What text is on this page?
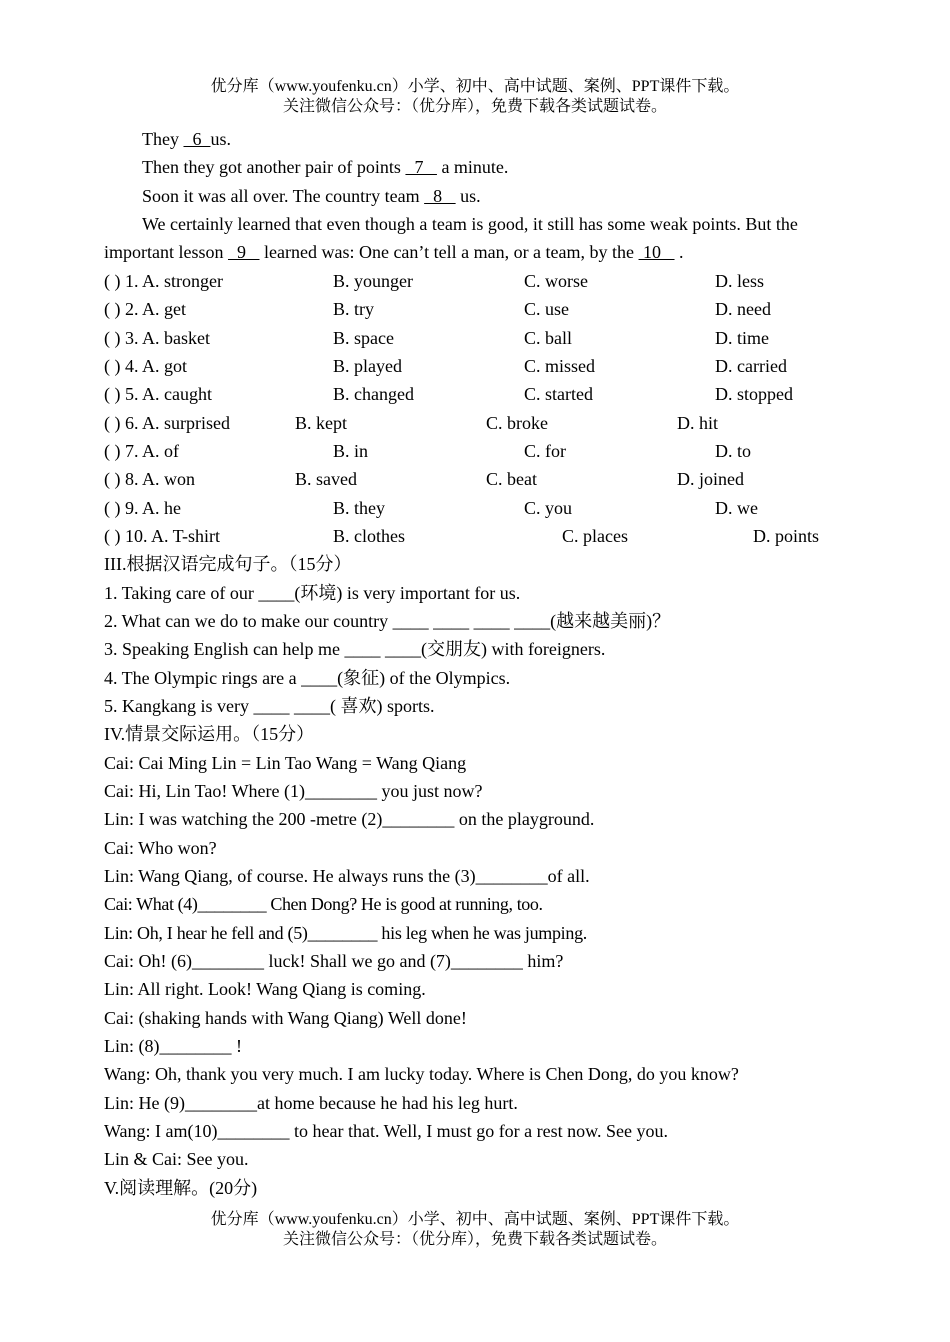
优分库（www.youfenku.cn）小学、初中、高中试题、案例、PPT课件下载。
关注微信公众号：（优分库），免费下载各类试题试卷。
They   6  us.
Then they got another pair of points   7    a minute.
Soon it was all over. The country team   8    us.
We certainly learned that even though a team is good, it still has some weak points. But the
important lesson   9    learned was: One can’t tell a man, or a team, by the  10    .
( ) 1. A. stronger	B. younger	C. worse	D. less
( ) 2. A. get	B. try	C. use	D. need
( ) 3. A. basket	B. space	C. ball	D. time
( ) 4. A. got	B. played	C. missed	D. carried
( ) 5. A. caught	B. changed	C. started	D. stopped
( ) 6. A. surprised	B. kept	C. broke	D. hit
( ) 7. A. of	B. in	C. for	D. to
( ) 8. A. won	B. saved	C. beat	D. joined
( ) 9. A. he	B. they	C. you	D. we
( ) 10. A. T-shirt	B. clothes	C. places	D. points
III.根据汉语完成句子。（15分）
1. Taking care of our ____(环境) is very important for us.
2. What can we do to make our country ____ ____ ____ ____(越来越美丽)？
3. Speaking English can help me ____ ____(交朋友) with foreigners.
4. The Olympic rings are a ____(象征) of the Olympics.
5. Kangkang is very ____ ____( 喜欢) sports.
IV.情景交际运用。（15分）
Cai: Cai Ming Lin = Lin Tao Wang = Wang Qiang
Cai: Hi, Lin Tao! Where (1)________ you just now?
Lin: I was watching the 200 -metre (2)________ on the playground.
Cai: Who won?
Lin: Wang Qiang, of course. He always runs the (3)________of all.
Cai: What (4)________ Chen Dong? He is good at running, too.
Lin: Oh, I hear he fell and (5)________ his leg when he was jumping.
Cai: Oh! (6)________ luck! Shall we go and (7)________ him?
Lin: All right. Look! Wang Qiang is coming.
Cai: (shaking hands with Wang Qiang) Well done!
Lin: (8)________ !
Wang: Oh, thank you very much. I am lucky today. Where is Chen Dong, do you know?
Lin: He (9)________at home because he had his leg hurt.
Wang: I am(10)________ to hear that. Well, I must go for a rest now. See you.
Lin & Cai: See you.
V.阅读理解。(20分)
优分库（www.youfenku.cn）小学、初中、高中试题、案例、PPT课件下载。
关注微信公众号：（优分库），免费下载各类试题试卷。
